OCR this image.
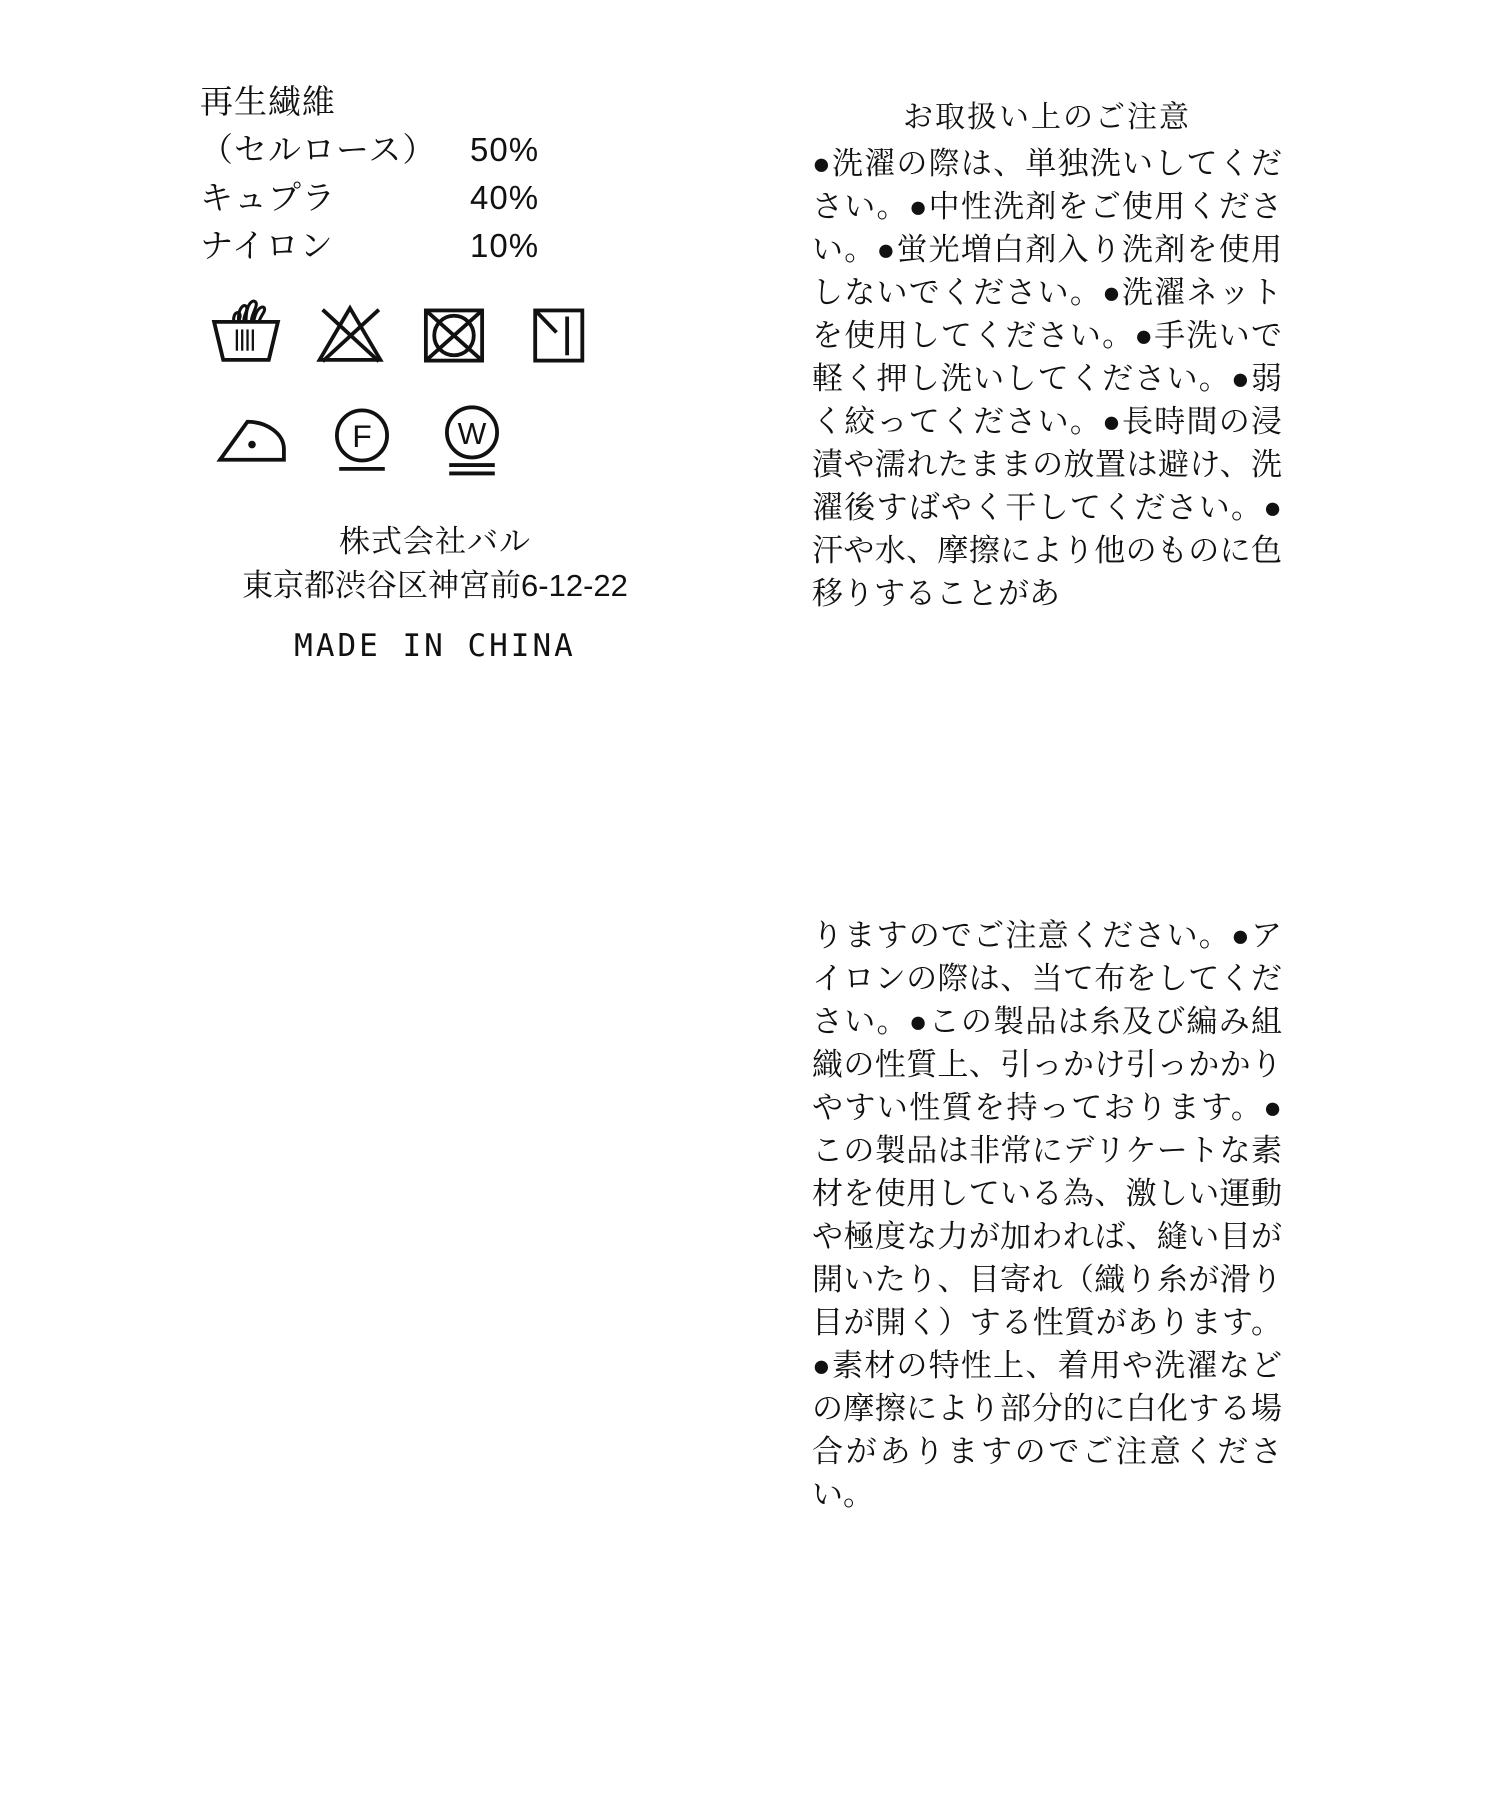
再生繊維
（セルロース）	50%
キュプラ	40%
ナイロン	10%
F W
株式会社バル
東京都渋谷区神宮前6-12-22
MADE IN CHINA
お取扱い上のご注意
●洗濯の際は、単独洗いしてください。●中性洗剤をご使用ください。●蛍光増白剤入り洗剤を使用しないでください。●洗濯ネットを使用してください。●手洗いで軽く押し洗いしてください。●弱く絞ってください。●長時間の浸漬や濡れたままの放置は避け、洗濯後すばやく干してください。●汗や水、摩擦により他のものに色移りすることがあ
りますのでご注意ください。●アイロンの際は、当て布をしてください。●この製品は糸及び編み組織の性質上、引っかけ引っかかりやすい性質を持っております。●この製品は非常にデリケートな素材を使用している為、激しい運動や極度な力が加われば、縫い目が開いたり、目寄れ（織り糸が滑り目が開く）する性質があります。●素材の特性上、着用や洗濯などの摩擦により部分的に白化する場合がありますのでご注意ください。
